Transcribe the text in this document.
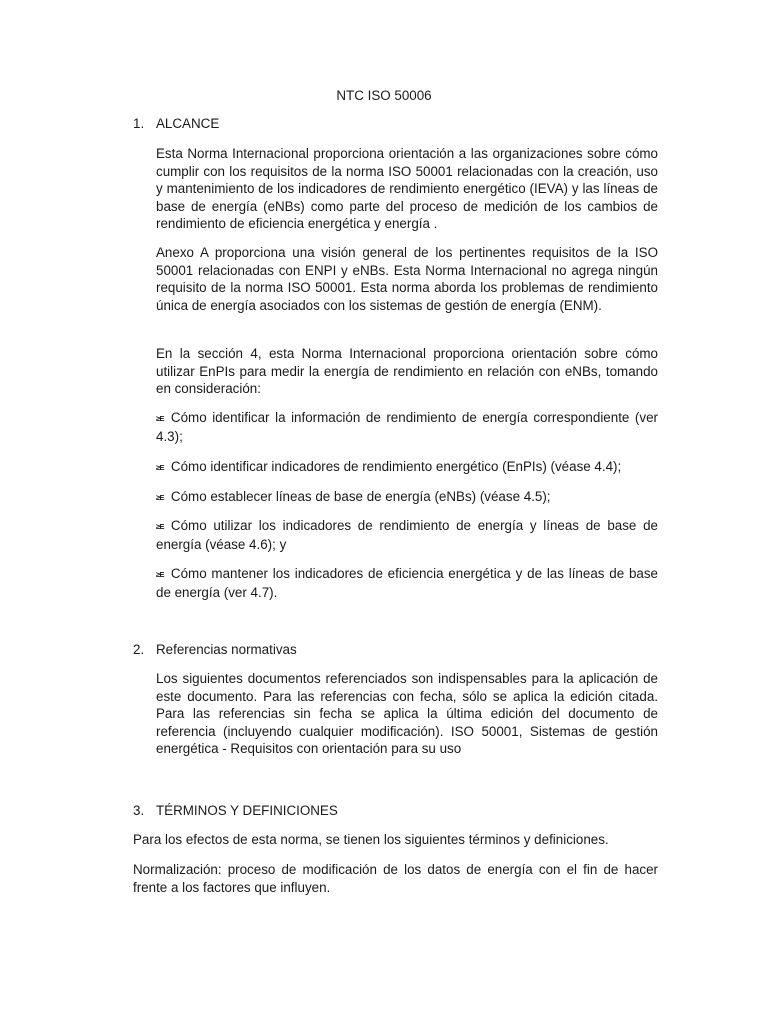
NTC ISO 50006
1. ALCANCE
Esta Norma Internacional proporciona orientación a las organizaciones sobre cómo cumplir con los requisitos de la norma ISO 50001 relacionadas con la creación, uso y mantenimiento de los indicadores de rendimiento energético (IEVA) y las líneas de base de energía (eNBs) como parte del proceso de medición de los cambios de rendimiento de eficiencia energética y energía .
Anexo A proporciona una visión general de los pertinentes requisitos de la ISO 50001 relacionadas con ENPI y eNBs. Esta Norma Internacional no agrega ningún requisito de la norma ISO 50001. Esta norma aborda los problemas de rendimiento única de energía asociados con los sistemas de gestión de energía (ENM).
En la sección 4, esta Norma Internacional proporciona orientación sobre cómo utilizar EnPIs para medir la energía de rendimiento en relación con eNBs, tomando en consideración:
≥E Cómo identificar la información de rendimiento de energía correspondiente (ver 4.3);
≥E Cómo identificar indicadores de rendimiento energético (EnPIs) (véase 4.4);
≥E Cómo establecer líneas de base de energía (eNBs) (véase 4.5);
≥E Cómo utilizar los indicadores de rendimiento de energía y líneas de base de energía (véase 4.6); y
≥E Cómo mantener los indicadores de eficiencia energética y de las líneas de base de energía (ver 4.7).
2. Referencias normativas
Los siguientes documentos referenciados son indispensables para la aplicación de este documento. Para las referencias con fecha, sólo se aplica la edición citada. Para las referencias sin fecha se aplica la última edición del documento de referencia (incluyendo cualquier modificación). ISO 50001, Sistemas de gestión energética - Requisitos con orientación para su uso
3. TÉRMINOS Y DEFINICIONES
Para los efectos de esta norma, se tienen los siguientes términos y definiciones.
Normalización: proceso de modificación de los datos de energía con el fin de hacer frente a los factores que influyen.
